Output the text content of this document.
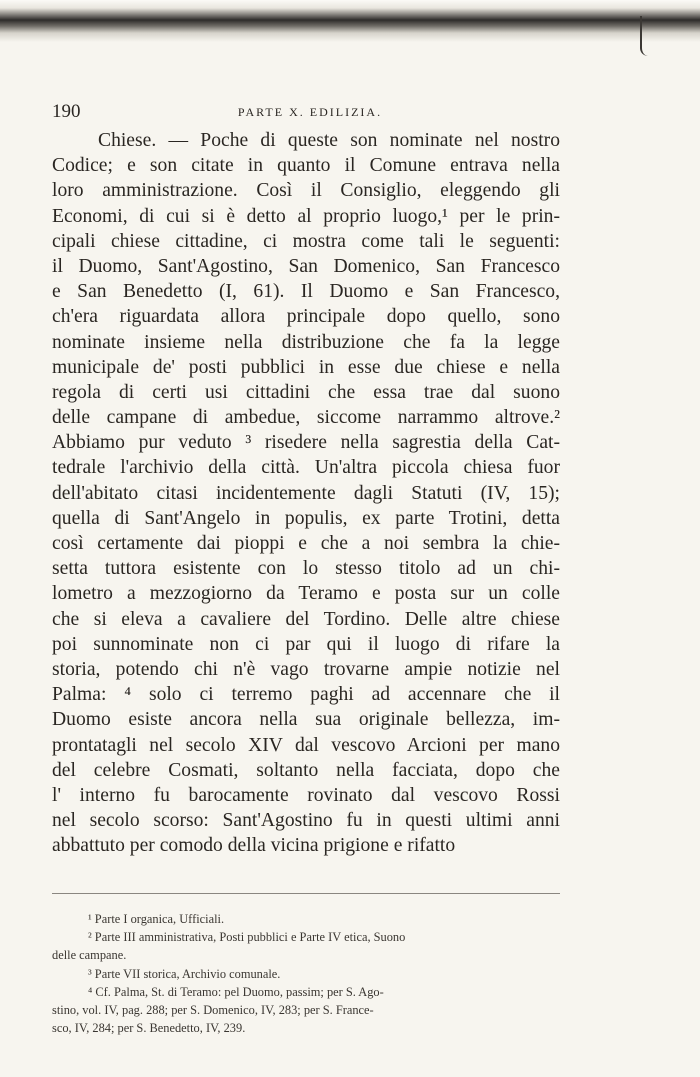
190	PARTE X. EDILIZIA.
Chiese. — Poche di queste son nominate nel nostro
Codice; e son citate in quanto il Comune entrava nella
loro amministrazione. Così il Consiglio, eleggendo gli
Economi, di cui si è detto al proprio luogo,¹ per le prin-
cipali chiese cittadine, ci mostra come tali le seguenti:
il Duomo, Sant'Agostino, San Domenico, San Francesco
e San Benedetto (I, 61). Il Duomo e San Francesco,
ch'era riguardata allora principale dopo quello, sono
nominate insieme nella distribuzione che fa la legge
municipale de' posti pubblici in esse due chiese e nella
regola di certi usi cittadini che essa trae dal suono
delle campane di ambedue, siccome narrammo altrove.²
Abbiamo pur veduto ³ risedere nella sagrestia della Cat-
tedrale l'archivio della città. Un'altra piccola chiesa fuor
dell'abitato citasi incidentemente dagli Statuti (IV, 15);
quella di Sant'Angelo in populis, ex parte Trotini, detta
così certamente dai pioppi e che a noi sembra la chie-
setta tuttora esistente con lo stesso titolo ad un chi-
lometro a mezzogiorno da Teramo e posta sur un colle
che si eleva a cavaliere del Tordino. Delle altre chiese
poi sunnominate non ci par qui il luogo di rifare la
storia, potendo chi n'è vago trovarne ampie notizie nel
Palma: ⁴ solo ci terremo paghi ad accennare che il
Duomo esiste ancora nella sua originale bellezza, im-
prontatagli nel secolo XIV dal vescovo Arcioni per mano
del celebre Cosmati, soltanto nella facciata, dopo che
l' interno fu barocamente rovinato dal vescovo Rossi
nel secolo scorso: Sant'Agostino fu in questi ultimi anni
abbattuto per comodo della vicina prigione e rifatto
¹ Parte I organica, Ufficiali.
² Parte III amministrativa, Posti pubblici e Parte IV etica, Suono
delle campane.
³ Parte VII storica, Archivio comunale.
⁴ Cf. Palma, St. di Teramo: pel Duomo, passim; per S. Ago-
stino, vol. IV, pag. 288; per S. Domenico, IV, 283; per S. France-
sco, IV, 284; per S. Benedetto, IV, 239.
